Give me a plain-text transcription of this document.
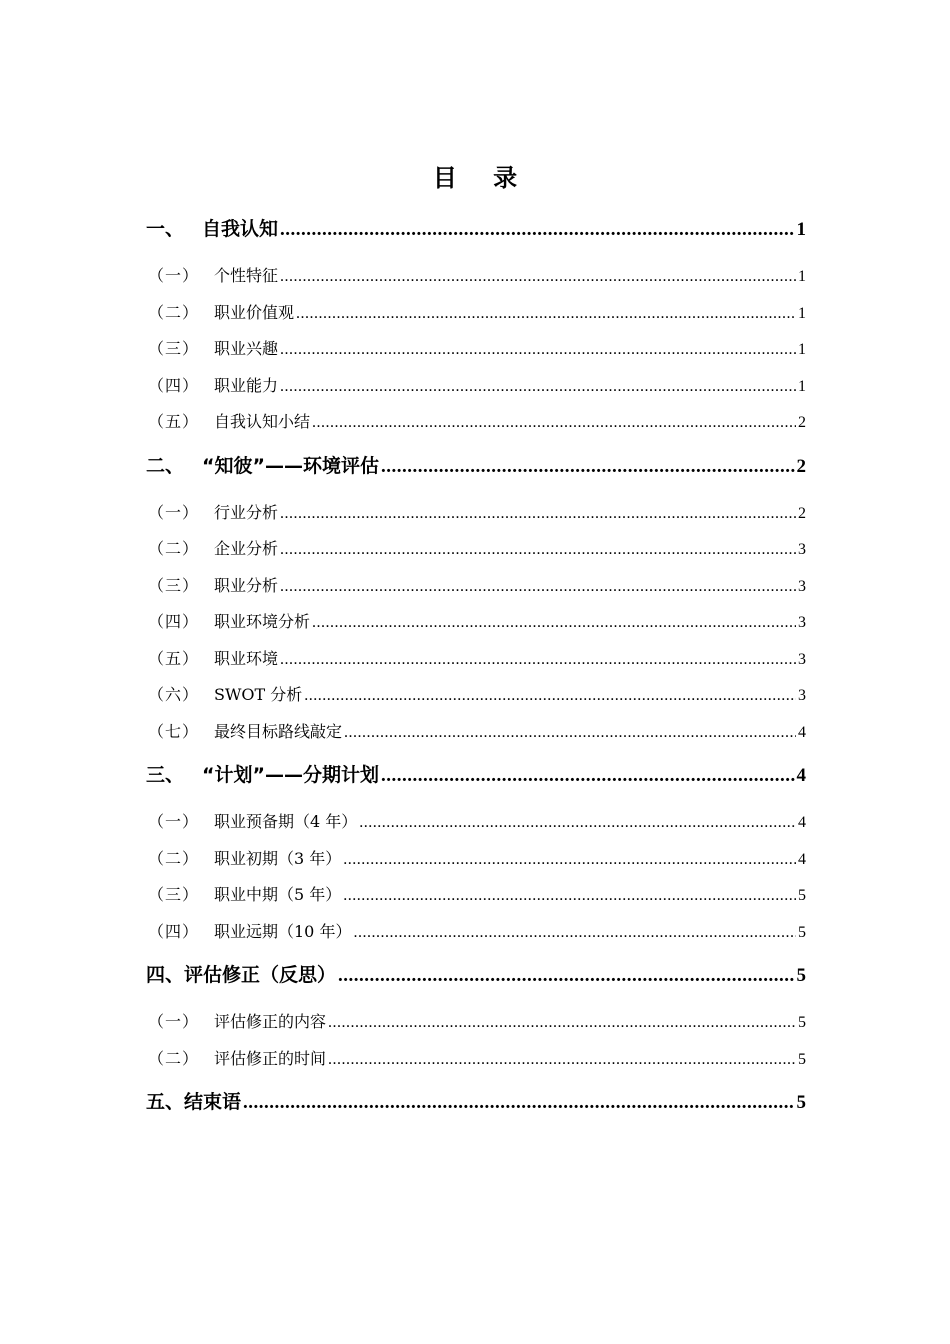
目 录
一、 自我认知 .....	1
（一） 个性特征 .....	1
（二） 职业价值观 .....	1
（三） 职业兴趣 .....	1
（四） 职业能力 .....	1
（五） 自我认知小结 .....	2
二、 “知彼”——环境评估 .....	2
（一） 行业分析 .....	2
（二） 企业分析 .....	3
（三） 职业分析 .....	3
（四） 职业环境分析 .....	3
（五） 职业环境 .....	3
（六） SWOT 分析 .....	3
（七） 最终目标路线敲定 .....	4
三、 “计划”——分期计划 .....	4
（一） 职业预备期（4 年） .....	4
（二） 职业初期（3 年） .....	4
（三） 职业中期（5 年） .....	5
（四） 职业远期（10 年） .....	5
四、 评估修正（反思） .....	5
（一） 评估修正的内容 .....	5
（二） 评估修正的时间 .....	5
五、 结束语 .....	5
